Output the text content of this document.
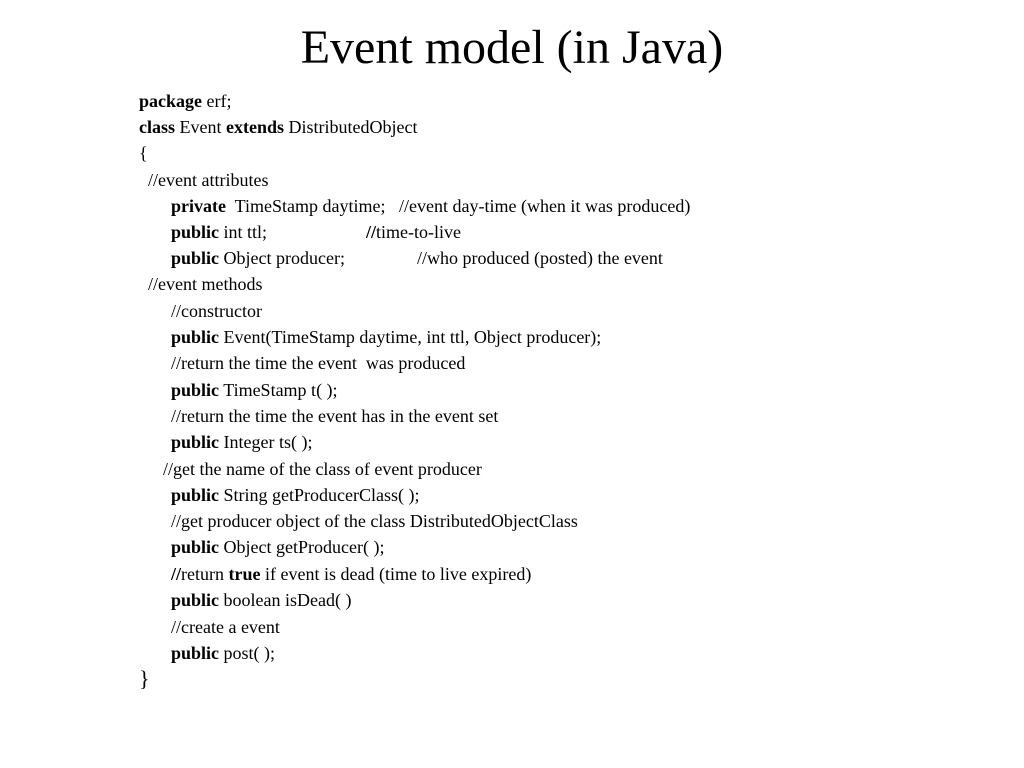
Event model (in Java)
package erf;
class Event extends DistributedObject
{
//event attributes
private  TimeStamp daytime;   //event day-time (when it was produced)
public int ttl;	//time-to-live
public Object producer;	//who produced (posted) the event
//event methods
//constructor
public Event(TimeStamp daytime, int ttl, Object producer);
//return the time the event  was produced
public TimeStamp t( );
//return the time the event has in the event set
public Integer ts( );
//get the name of the class of event producer
public String getProducerClass( );
//get producer object of the class DistributedObjectClass
public Object getProducer( );
//return true if event is dead (time to live expired)
public boolean isDead( )
//create a event
public post( );
}
